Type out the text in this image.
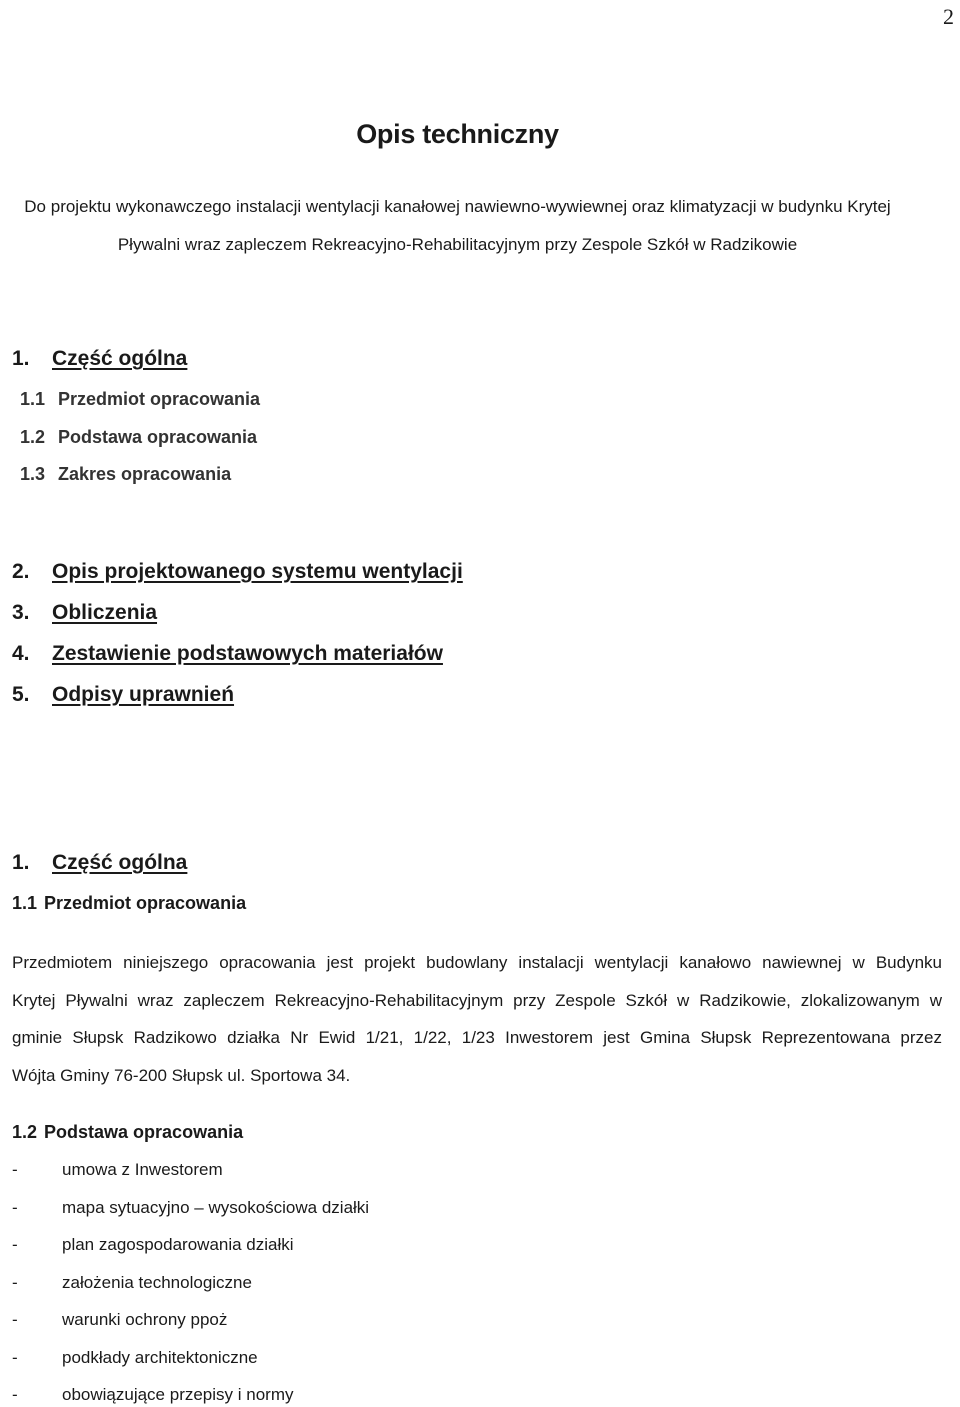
2
Opis techniczny
Do projektu wykonawczego instalacji wentylacji kanałowej nawiewno-wywiewnej oraz klimatyzacji w budynku Krytej
Pływalni wraz zapleczem Rekreacyjno-Rehabilitacyjnym przy Zespole Szkół w Radzikowie
1. Część ogólna
1.1 Przedmiot opracowania
1.2 Podstawa opracowania
1.3 Zakres opracowania
2. Opis projektowanego systemu wentylacji
3. Obliczenia
4. Zestawienie podstawowych materiałów
5. Odpisy uprawnień
1. Część ogólna
1.1 Przedmiot opracowania
Przedmiotem niniejszego opracowania jest projekt budowlany instalacji wentylacji kanałowo nawiewnej w Budynku
Krytej Pływalni wraz zapleczem Rekreacyjno-Rehabilitacyjnym przy Zespole Szkół w Radzikowie, zlokalizowanym w
gminie Słupsk Radzikowo działka Nr Ewid 1/21, 1/22, 1/23 Inwestorem jest Gmina Słupsk Reprezentowana przez
Wójta Gminy 76-200 Słupsk ul. Sportowa 34.
1.2 Podstawa opracowania
-	umowa z Inwestorem
-	mapa sytuacyjno – wysokościowa działki
-	plan zagospodarowania działki
-	założenia technologiczne
-	warunki ochrony ppoż
-	podkłady architektoniczne
-	obowiązujące przepisy i normy
